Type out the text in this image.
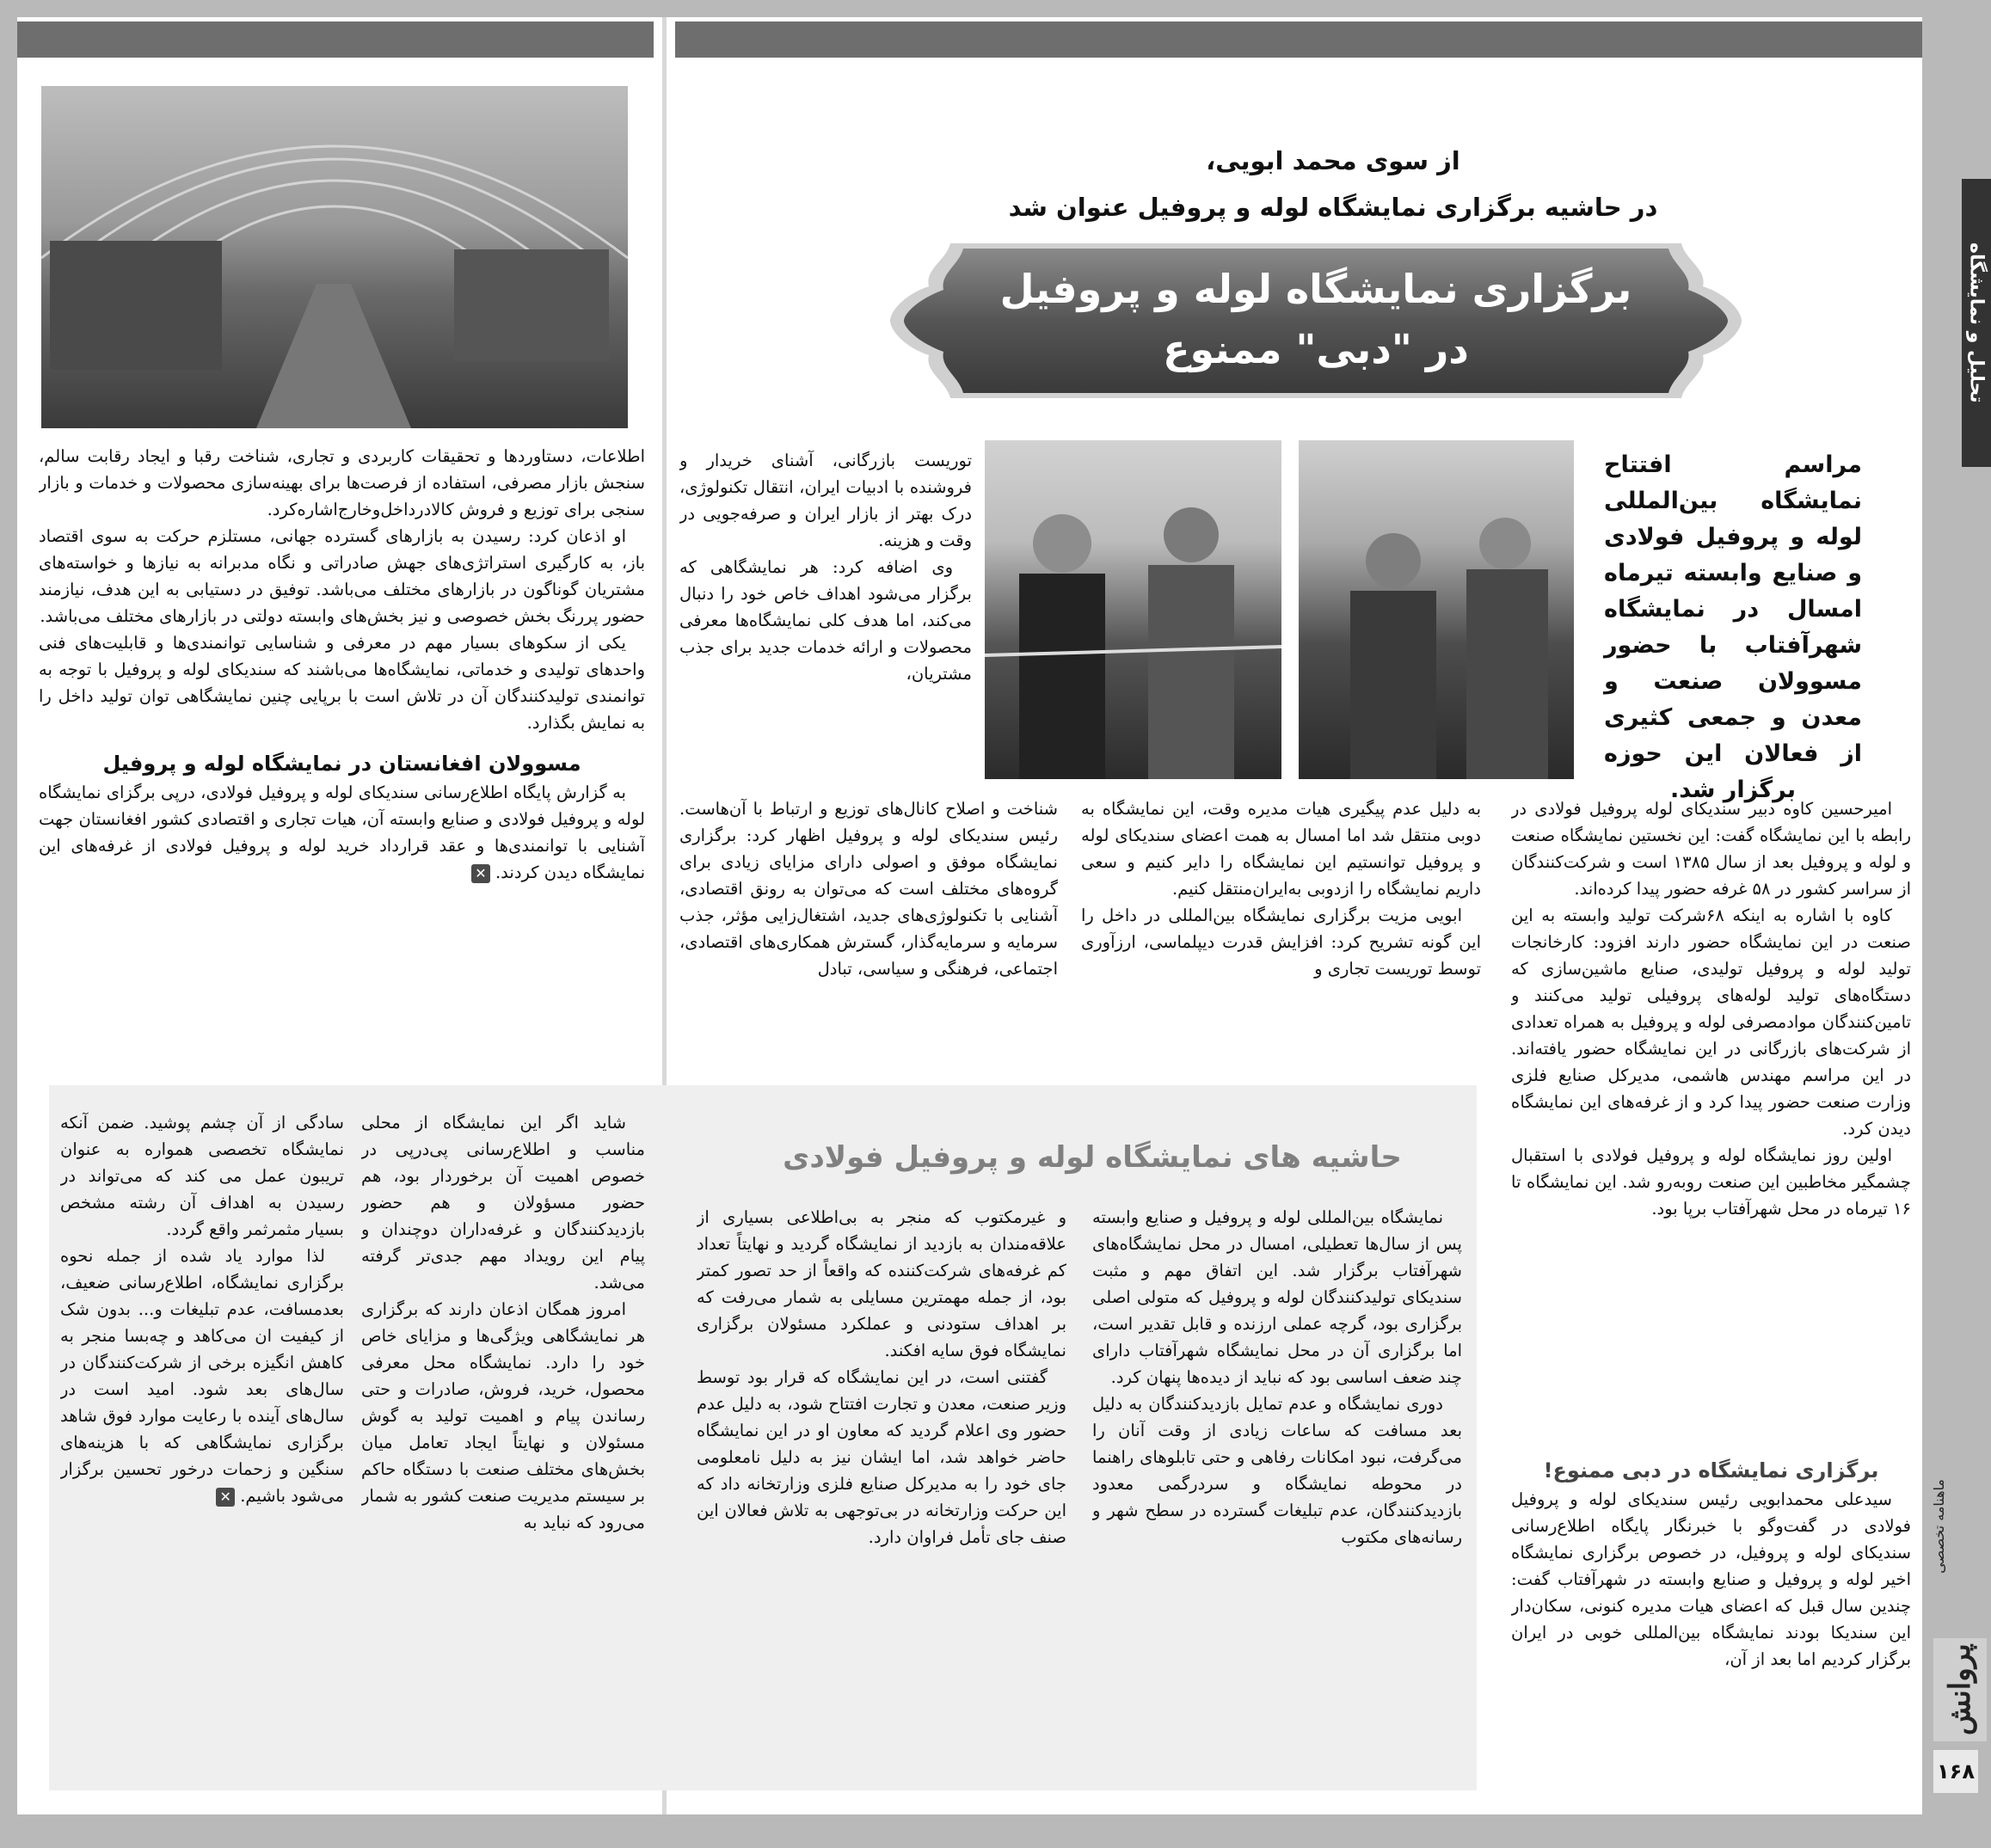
تحلیل و نمایشگاه
ماهنامه تخصصی
پروانش
۱۶۸
از سوی محمد ابویی،
در حاشیه برگزاری نمایشگاه لوله و پروفیل عنوان شد
برگزاری نمایشگاه لوله و پروفیل
در "دبی" ممنوع
مراسم افتتاح نمایشگاه بین‌المللی لوله و پروفیل فولادی و صنایع وابسته تیرماه امسال در نمایشگاه شهرآفتاب با حضور مسوولان صنعت و معدن و جمعی کثیری از فعالان این حوزه برگزار شد.

امیرحسین کاوه دبیر سندیکای لوله پروفیل فولادی در رابطه با این نمایشگاه گفت: این نخستین نمایشگاه صنعت و لوله و پروفیل بعد از سال ۱۳۸۵ است و شرکت‌کنندگان از سراسر کشور در ۵۸ غرفه حضور پیدا کرده‌اند.

کاوه با اشاره به اینکه ۶۸شرکت تولید وابسته به این صنعت در این نمایشگاه حضور دارند افزود: کارخانجات تولید لوله و پروفیل تولیدی، صنایع ماشین‌سازی که دستگاه‌های تولید لوله‌های پروفیلی تولید می‌کنند و تامین‌کنندگان موادمصرفی لوله و پروفیل به همراه تعدادی از شرکت‌های بازرگانی در این نمایشگاه حضور یافته‌اند. در این مراسم مهندس هاشمی، مدیرکل صنایع فلزی وزارت صنعت حضور پیدا کرد و از غرفه‌های این نمایشگاه دیدن کرد.

اولین روز نمایشگاه لوله و پروفیل فولادی با استقبال چشمگیر مخاطبین این صنعت روبه‌رو شد. این نمایشگاه تا ۱۶ تیرماه در محل شهرآفتاب برپا بود.

برگزاری نمایشگاه در دبی ممنوع!

سیدعلی محمدابویی رئیس سندیکای لوله و پروفیل فولادی در گفت‌وگو با خبرنگار پایگاه اطلاع‌رسانی سندیکای لوله و پروفیل، در خصوص برگزاری نمایشگاه اخیر لوله و پروفیل و صنایع وابسته در شهرآفتاب گفت: چندین سال قبل که اعضای هیات مدیره کنونی، سکان‌دار این سندیکا بودند نمایشگاه بین‌المللی خوبی در ایران برگزار کردیم اما بعد از آن،

به دلیل عدم پیگیری هیات مدیره وقت، این نمایشگاه به دوبی منتقل شد اما امسال به همت اعضای سندیکای لوله و پروفیل توانستیم این نمایشگاه را دایر کنیم و سعی داریم نمایشگاه را ازدوبی به‌ایران‌منتقل کنیم.

ابویی مزیت برگزاری نمایشگاه بین‌المللی در داخل را این گونه تشریح کرد: افزایش قدرت دیپلماسی، ارزآوری توسط توریست تجاری و

توریست بازرگانی، آشنای خریدار و فروشنده با ادبیات ایران، انتقال تکنولوژی، درک بهتر از بازار ایران و صرفه‌جویی در وقت و هزینه.

وی اضافه کرد: هر نمایشگاهی که برگزار می‌شود اهداف خاص خود را دنبال می‌کند، اما هدف کلی نمایشگاه‌ها معرفی محصولات و ارائه خدمات جدید برای جذب مشتریان،

شناخت و اصلاح کانال‌های توزیع و ارتباط با آن‌هاست. رئیس سندیکای لوله و پروفیل اظهار کرد: برگزاری نمایشگاه موفق و اصولی دارای مزایای زیادی برای گروه‌های مختلف است که می‌توان به رونق اقتصادی، آشنایی با تکنولوژی‌های جدید، اشتغال‌زایی مؤثر، جذب سرمایه و سرمایه‌گذار، گسترش همکاری‌های اقتصادی، اجتماعی، فرهنگی و سیاسی، تبادل

اطلاعات، دستاوردها و تحقیقات کاربردی و تجاری، شناخت رقبا و ایجاد رقابت سالم، سنجش بازار مصرفی، استفاده از فرصت‌ها برای بهینه‌سازی محصولات و خدمات و بازار سنجی برای توزیع و فروش کالادرداخل‌وخارج‌اشاره‌کرد.

او اذعان کرد: رسیدن به بازارهای گسترده جهانی، مستلزم حرکت به سوی اقتصاد باز، به کارگیری استراتژی‌های جهش صادراتی و نگاه مدبرانه به نیازها و خواسته‌های مشتریان گوناگون در بازارهای مختلف می‌باشد. توفیق در دستیابی به این هدف، نیازمند حضور پررنگ بخش خصوصی و نیز بخش‌های وابسته دولتی در بازارهای مختلف می‌باشد.

یکی از سکوهای بسیار مهم در معرفی و شناسایی توانمندی‌ها و قابلیت‌های فنی واحدهای تولیدی و خدماتی، نمایشگاه‌ها می‌باشند که سندیکای لوله و پروفیل با توجه به توانمندی تولیدکنندگان آن در تلاش است با برپایی چنین نمایشگاهی توان تولید داخل را به نمایش بگذارد.

مسوولان افغانستان در نمایشگاه لوله و پروفیل

به گزارش پایگاه اطلاع‌رسانی سندیکای لوله و پروفیل فولادی، درپی برگزای نمایشگاه لوله و پروفیل فولادی و صنایع وابسته آن، هیات تجاری و اقتصادی کشور افغانستان جهت آشنایی با توانمندی‌ها و عقد قرارداد خرید لوله و پروفیل فولادی از غرفه‌های این نمایشگاه دیدن کردند.✕

حاشیه های نمایشگاه لوله و پروفیل فولادی

نمایشگاه بین‌المللی لوله و پروفیل و صنایع وابسته پس از سال‌ها تعطیلی، امسال در محل نمایشگاه‌های شهرآفتاب برگزار شد. این اتفاق مهم و مثبت سندیکای تولیدکنندگان لوله و پروفیل که متولی اصلی برگزاری بود، گرچه عملی ارزنده و قابل تقدیر است، اما برگزاری آن در محل نمایشگاه شهرآفتاب دارای چند ضعف اساسی بود که نباید از دیده‌ها پنهان کرد.

دوری نمایشگاه و عدم تمایل بازدیدکنندگان به دلیل بعد مسافت که ساعات زیادی از وقت آنان را می‌گرفت، نبود امکانات رفاهی و حتی تابلوهای راهنما در محوطه نمایشگاه و سردرگمی معدود بازدیدکنندگان، عدم تبلیغات گسترده در سطح شهر و رسانه‌های مکتوب

و غیرمکتوب که منجر به بی‌اطلاعی بسیاری از علاقه‌مندان به بازدید از نمایشگاه گردید و نهایتاً تعداد کم غرفه‌های شرکت‌کننده که واقعاً از حد تصور کمتر بود، از جمله مهمترین مسایلی به شمار می‌رفت که بر اهداف ستودنی و عملکرد مسئولان برگزاری نمایشگاه فوق سایه افکند.

گفتنی است، در این نمایشگاه که قرار بود توسط وزیر صنعت، معدن و تجارت افتتاح شود، به دلیل عدم حضور وی اعلام گردید که معاون او در این نمایشگاه حاضر خواهد شد، اما ایشان نیز به دلیل نامعلومی جای خود را به مدیرکل صنایع فلزی وزارتخانه داد که این حرکت وزارتخانه در بی‌توجهی به تلاش فعالان این صنف جای تأمل فراوان دارد.

شاید اگر این نمایشگاه از محلی مناسب و اطلاع‌رسانی پی‌درپی در خصوص اهمیت آن برخوردار بود، هم حضور مسؤولان و هم حضور بازدیدکنندگان و غرفه‌داران دوچندان و پیام این رویداد مهم جدی‌تر گرفته می‌شد.

امروز همگان اذعان دارند که برگزاری هر نمایشگاهی ویژگی‌ها و مزایای خاص خود را دارد. نمایشگاه محل معرفی محصول، خرید، فروش، صادرات و حتی رساندن پیام و اهمیت تولید به گوش مسئولان و نهایتاً ایجاد تعامل میان بخش‌های مختلف صنعت با دستگاه حاکم بر سیستم مدیریت صنعت کشور به شمار می‌رود که نباید به

سادگی از آن چشم پوشید. ضمن آنکه نمایشگاه تخصصی همواره به عنوان تریبون عمل می کند که می‌تواند در رسیدن به اهداف آن رشته مشخص بسیار مثمرثمر واقع گردد.

لذا موارد یاد شده از جمله نحوه برگزاری نمایشگاه، اطلاع‌رسانی ضعیف، بعدمسافت، عدم تبلیغات و... بدون شک از کیفیت ان می‌کاهد و چه‌بسا منجر به کاهش انگیزه برخی از شرکت‌کنندگان در سال‌های بعد شود. امید است در سال‌های آینده با رعایت موارد فوق شاهد برگزاری نمایشگاهی که با هزینه‌های سنگین و زحمات درخور تحسین برگزار می‌شود باشیم.✕
